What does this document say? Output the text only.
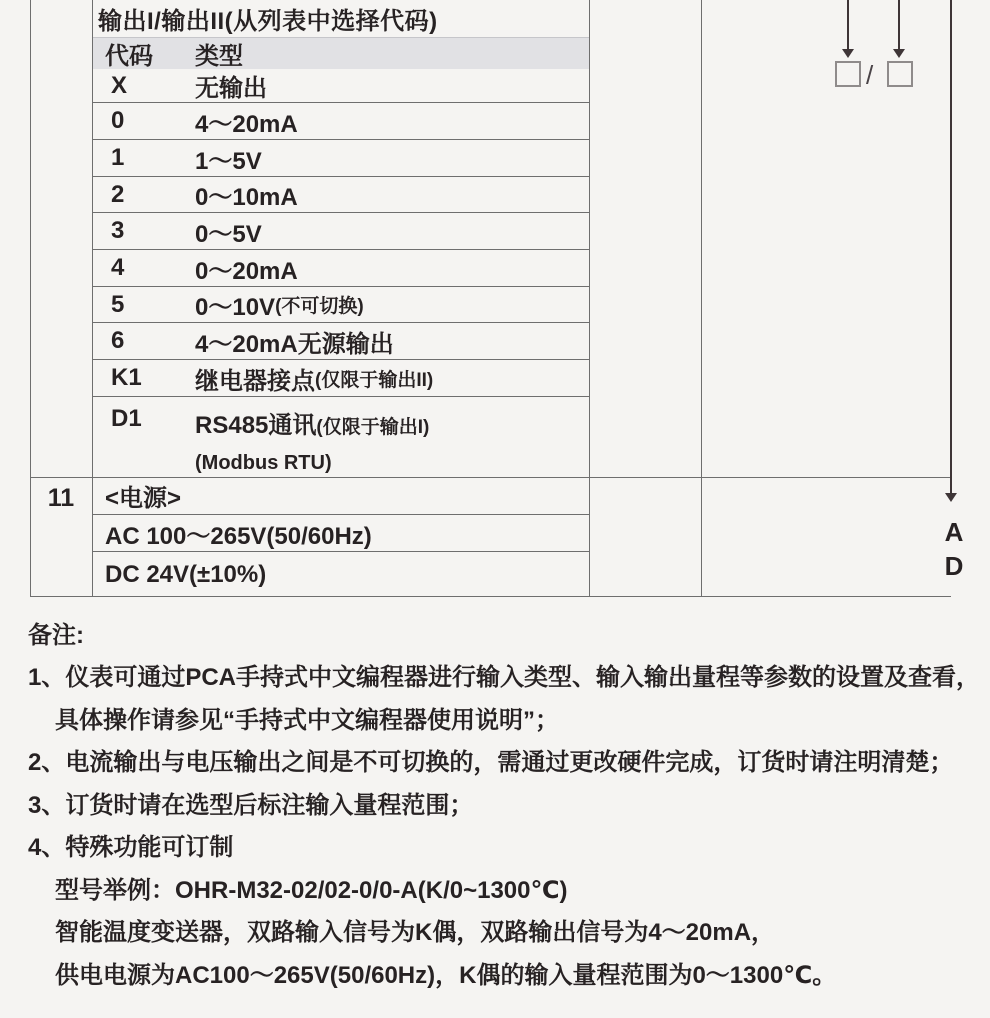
输出I/输出II(从列表中选择代码)
代码	类型
X	无输出
0	4～20mA
1	1～5V
2	0～10mA
3	0～5V
4	0～20mA
5	0～10V (不可切换)
6	4～20mA无源输出
K1	继电器接点 (仅限于输出II)
D1	RS485通讯(仅限于输出I)
(Modbus RTU)
11	<电源>
AC 100～265V(50/60Hz)
DC 24V(±10%)
/
A
D
备注:
1、仪表可通过PCA手持式中文编程器进行输入类型、输入输出量程等参数的设置及查看，
具体操作请参见“手持式中文编程器使用说明”；
2、电流输出与电压输出之间是不可切换的，需通过更改硬件完成，订货时请注明清楚；
3、订货时请在选型后标注输入量程范围；
4、特殊功能可订制
型号举例：OHR-M32-02/02-0/0-A(K/0~1300℃)
智能温度变送器，双路输入信号为K偶，双路输出信号为4～20mA，
供电电源为AC100～265V(50/60Hz)，K偶的输入量程范围为0～1300℃。
